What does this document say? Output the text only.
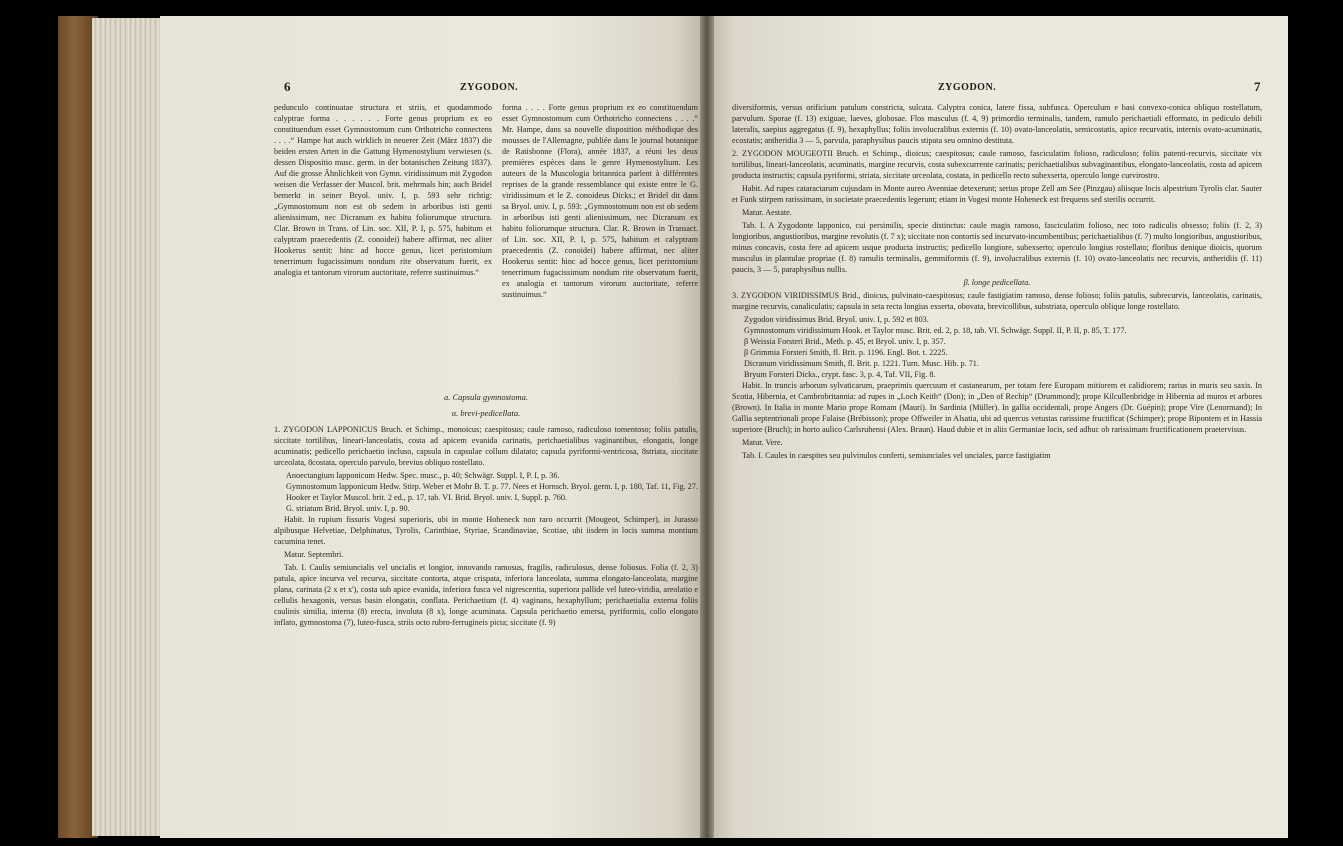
6	ZYGODON.

pedunculo continuatae structura et striis, et quodammodo calyptrae forma . . . . . . Forte genus proprium ex eo constituendum esset Gymnostomum cum Orthotricho connectens . . . .“ Hampe hat auch wirklich in neuerer Zeit (März 1837) die beiden ersten Arten in die Gattung Hymenostylium verwiesen (s. dessen Dispositio musc. germ. in der botanischen Zeitung 1837). Auf die grosse Ähnlichkeit von Gymn. viridissimum mit Zygodon weisen die Verfasser der Muscol. brit. mehrmals hin; auch Bridel bemerkt in seiner Bryol. univ. I, p. 593 sehr richtig: „Gymnostomum non est ob sedem in arboribus isti genti alienissimum, nec Dicranum ex habitu foliorumque structura. Clar. Brown in Trans. of Lin. soc. XII, P. I, p. 575, habitum et calyptram praecedentis (Z. conoidei) habere affirmat, nec aliter Hookerus sentit: hinc ad hocce genus, licet peristomium tenerrimum fugacissimum nondum rite observatum fuerit, ex analogia et tantorum virorum auctoritate, referre sustinuimus.“

forma . . . . Forte genus proprium ex eo constituendum esset Gymnostomum cum Orthotricho connectens . . . .“ Mr. Hampe, dans sa nouvelle disposition méthodique des mousses de l'Allemagne, publiée dans le journal botanique de Ratisbonne (Flora), année 1837, a réuni les deux premières espèces dans le genre Hymenostylium. Les auteurs de la Muscologia britannica parlent à différentes reprises de la grande ressemblance qui existe entre le G. viridissimum et le Z. conoideus Dicks.; et Bridel dit dans sa Bryol. univ. I, p. 593: „Gymnostomum non est ob sedem in arboribus isti genti alienissimum, nec Dicranum ex habitu foliorumque structura. Clar. R. Brown in Transact. of Lin. soc. XII, P. I, p. 575, habitum et calyptram praecedentis (Z. conoidei) habere affirmat, nec aliter Hookerus sentit: hinc ad hocce genus, licet peristomium tenerrimum fugacissimum nondum rite observatum fuerit, ex analogia et tantorum virorum auctoritate, referre sustinuimus.“

a. Capsula gymnostoma.
α. brevi-pedicellata.

1. ZYGODON LAPPONICUS Bruch. et Schimp., monoicus; caespitosus; caule ramoso, radiculoso tomentoso; foliis patulis, siccitate tortilibus, lineari-lanceolatis, costa ad apicem evanida carinatis, perichaetialibus vaginantibus, elongatis, longe acuminatis; pedicello perichaetio incluso, capsula in capsulae collum dilatato; capsula pyriformi-ventricosa, 8striata, siccitate urceolata, 8costata, operculo parvulo, brevius obliquo rostellato.

Anoectangium lapponicum Hedw. Spec. musc., p. 40; Schwägr. Suppl. I, P. I, p. 36.

Gymnostomum lapponicum Hedw. Stirp. Weber et Mohr B. T. p. 77. Nees et Hornsch. Bryol. germ. I, p. 180, Taf. 11, Fig. 27. Hooker et Taylor Muscol. brit. 2 ed., p. 17, tab. VI. Brid. Bryol. univ. I, Suppl. p. 760.

G. striatum Brid. Bryol. univ. I, p. 90.

Habit. In rupium fissuris Vogesi superioris, ubi in monte Hoheneck non raro occurrit (Mougeot, Schimper), in Jurasso alpibusque Helvetiae, Delphinatus, Tyrolis, Carinthiae, Styriae, Scandinaviae, Scotiae, ubi iisdem in locis summa montium cacumina tenet.

Matur. Septembri.

Tab. I. Caulis semiuncialis vel uncialis et longior, innovando ramosus, fragilis, radiculosus, dense foliosus. Folia (f. 2, 3) patula, apice incurva vel recurva, siccitate contorta, atque crispata, inferiora lanceolata, summa elongato-lanceolata, margine plana, carinata (2 x et x'), costa sub apice evanida, inferiora fusca vel nigrescentia, superiora pallide vel luteo-viridia, areolatio e cellulis hexagonis, versus basin elongatis, conflata. Perichaetium (f. 4) vaginans, hexaphyllum; perichaetialia externa foliis caulinis similia, interna (8) erecta, involuta (8 x), longe acuminata. Capsula perichaetio emersa, pyriformis, collo elongato inflato, gymnostoma (7), luteo-fusca, striis octo rubro-ferrugineis picta; siccitate (f. 9)

ZYGODON.	7

diversiformis, versus orificium patulum constricta, sulcata. Calyptra conica, latere fissa, subfusca. Operculum e basi convexo-conica obliquo rostellatum, parvulum. Sporae (f. 13) exiguae, laeves, globosae. Flos masculus (f. 4, 9) primordio terminalis, tandem, ramulo perichaetiali efformato, in pediculo debili lateralis, saepius aggregatus (f. 9), hexaphyllus; foliis involucralibus externis (f. 10) ovato-lanceolatis, semicostatis, apice recurvatis, internis ovato-acuminatis, ecostatis; antheridia 3 — 5, parvula, paraphysibus paucis stipata seu omnino destituta.

2. ZYGODON MOUGEOTII Bruch. et Schimp., dioicus; caespitosus; caule ramoso, fasciculatim folioso, radiculoso; foliis patenti-recurvis, siccitate vix tortilibus, lineari-lanceolatis, acuminatis, margine recurvis, costa subexcurrente carinatis; perichaetialibus subvaginantibus, elongato-lanceolatis, costa ad apicem producta instructis; capsula pyriformi, striata, siccitate urceolata, costata, in pedicello recto subexserta, operculo longe curvirostro.

Habit. Ad rupes cataractarum cujusdam in Monte aureo Avenniae detexerunt; serius prope Zell am See (Pinzgau) aliisque locis alpestrium Tyrolis clar. Sauter et Funk stirpem rarissimam, in societate praecedentis legerunt; etiam in Vogesi monte Hoheneck est frequens sed sterilis occurrit.

Matur. Aestate.

Tab. I. A Zygodonte lapponico, cui persimilis, specie distinctus: caule magis ramoso, fasciculatim folioso, nec toto radiculis obsesso; foliis (f. 2, 3) longioribus, angustioribus, margine revolutis (f. 7 x); siccitate non contortis sed incurvato-incumbentibus; perichaetialibus (f. 7) multo longioribus, angustioribus, minus concavis, costa fere ad apicem usque producta instructis; pedicello longiore, subexserto; operculo longius rostellato; floribus denique dioicis, quorum masculus in plantulae propriae (f. 8) ramulis terminalis, gemmiformis (f. 9), involucralibus externis (f. 10) ovato-lanceolatis nec recurvis, antheridiis (f. 11) paucis, 3 — 5, paraphysibus nullis.

β. longe pedicellata.

3. ZYGODON VIRIDISSIMUS Brid., dioicus, pulvinato-caespitosus; caule fastigiatim ramoso, dense folioso; foliis patulis, subrecurvis, lanceolatis, carinatis, margine recurvis, canaliculatis; capsula in seta recta longius exserta, obovata, brevicollibus, substriata, operculo oblique longe rostellato.

Zygodon viridissimus Brid. Bryol. univ. I, p. 592 et 803.

Gymnostomum viridissimum Hook. et Taylor musc. Brit. ed. 2, p. 18, tab. VI. Schwägr. Suppl. II, P. II, p. 85, T. 177.

β Weissia Forsteri Brid., Meth. p. 45, et Bryol. univ. I, p. 357.

β Grimmia Forsteri Smith, fl. Brit. p. 1196. Engl. Bot. t. 2225.

Dicranum viridissimum Smith, fl. Brit. p. 1221. Turn. Musc. Hib. p. 71.

Bryum Forsteri Dicks., crypt. fasc. 3, p. 4, Taf. VII, Fig. 8.

Habit. In truncis arborum sylvaticarum, praeprimis quercuum et castanearum, per totam fere Europam mitiorem et calidiorem; rarius in muris seu saxis. In Scotia, Hibernia, et Cambrobritannia: ad rupes in „Loch Keith“ (Don); in „Den of Rechip“ (Drummond); prope Kilcullenbridge in Hibernia ad muros et arbores (Brown). In Italia in monte Mario prope Romam (Mauri). In Sardinia (Müller). In gallia occidentali, prope Angers (Dr. Guépin); prope Vire (Lenormand); In Gallia septentrionali prope Falaise (Brébisson); prope Offweiler in Alsatia, ubi ad quercus vetustas rarissime fructificat (Schimper); prope Bipontem et in Hassia superiore (Bruch); in horto aulico Carlsruhensi (Alex. Braun). Haud dubie et in aliis Germaniae locis, sed adhuc ob rarissimam fructificationem praetervisus.

Matur. Vere.

Tab. I. Caules in caespites seu pulvinulos conferti, semiunciales vel unciales, parce fastigiatim
